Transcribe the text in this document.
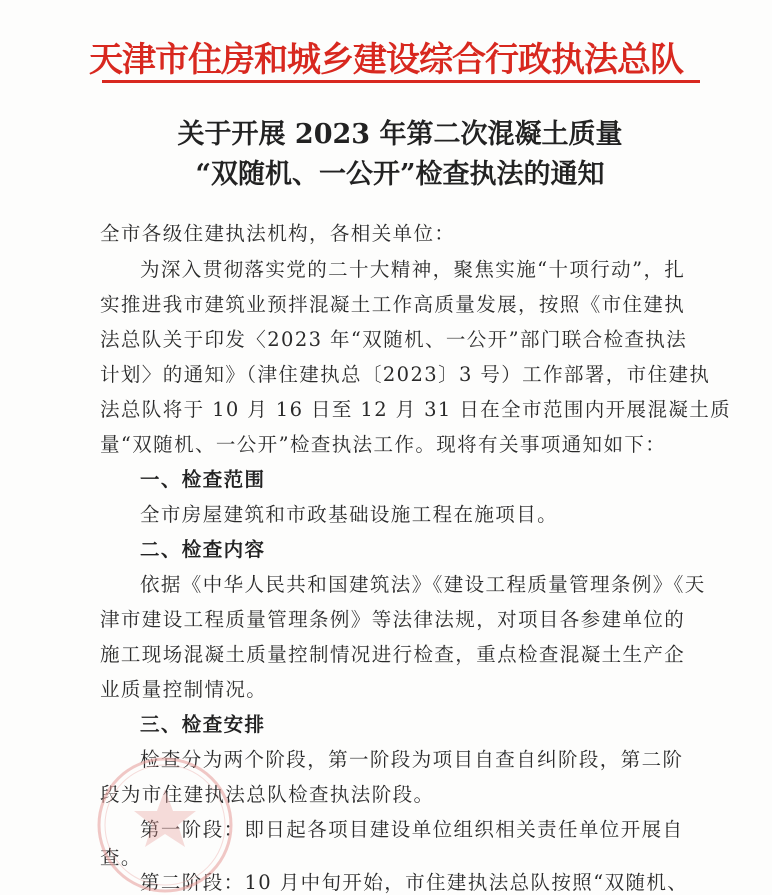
天津市住房和城乡建设综合行政执法总队
关于开展 2023 年第二次混凝土质量
“双随机、一公开”检查执法的通知
全市各级住建执法机构，各相关单位：
为深入贯彻落实党的二十大精神，聚焦实施“十项行动”，扎
实推进我市建筑业预拌混凝土工作高质量发展，按照《市住建执
法总队关于印发〈2023 年“双随机、一公开”部门联合检查执法
计划〉的通知》（津住建执总〔2023〕3 号）工作部署，市住建执
法总队将于 10 月 16 日至 12 月 31 日在全市范围内开展混凝土质
量“双随机、一公开”检查执法工作。现将有关事项通知如下：
一、检查范围
全市房屋建筑和市政基础设施工程在施项目。
二、检查内容
依据《中华人民共和国建筑法》《建设工程质量管理条例》《天
津市建设工程质量管理条例》等法律法规，对项目各参建单位的
施工现场混凝土质量控制情况进行检查，重点检查混凝土生产企
业质量控制情况。
三、检查安排
检查分为两个阶段，第一阶段为项目自查自纠阶段，第二阶
段为市住建执法总队检查执法阶段。
第一阶段：即日起各项目建设单位组织相关责任单位开展自
查。
第二阶段：10 月中旬开始，市住建执法总队按照“双随机、
